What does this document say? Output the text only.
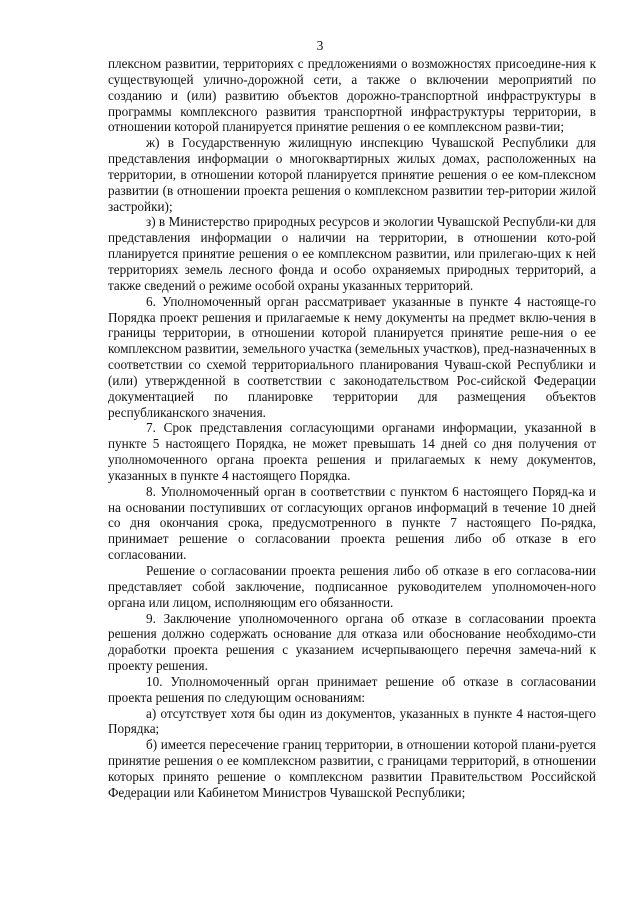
3

плексном развитии, территориях с предложениями о возможностях присоедине-ния к существующей улично-дорожной сети, а также о включении мероприятий по созданию и (или) развитию объектов дорожно-транспортной инфраструктуры в программы комплексного развития транспортной инфраструктуры территории, в отношении которой планируется принятие решения о ее комплексном разви-тии;

ж) в Государственную жилищную инспекцию Чувашской Республики для представления информации о многоквартирных жилых домах, расположенных на территории, в отношении которой планируется принятие решения о ее ком-плексном развитии (в отношении проекта решения о комплексном развитии тер-ритории жилой застройки);

з) в Министерство природных ресурсов и экологии Чувашской Республи-ки для представления информации о наличии на территории, в отношении кото-рой планируется принятие решения о ее комплексном развитии, или прилегаю-щих к ней территориях земель лесного фонда и особо охраняемых природных территорий, а также сведений о режиме особой охраны указанных территорий.

6. Уполномоченный орган рассматривает указанные в пункте 4 настояще-го Порядка проект решения и прилагаемые к нему документы на предмет вклю-чения в границы территории, в отношении которой планируется принятие реше-ния о ее комплексном развитии, земельного участка (земельных участков), пред-назначенных в соответствии со схемой территориального планирования Чуваш-ской Республики и (или) утвержденной в соответствии с законодательством Рос-сийской Федерации документацией по планировке территории для размещения объектов республиканского значения.

7. Срок представления согласующими органами информации, указанной в пункте 5 настоящего Порядка, не может превышать 14 дней со дня получения от уполномоченного органа проекта решения и прилагаемых к нему документов, указанных в пункте 4 настоящего Порядка.

8. Уполномоченный орган в соответствии с пунктом 6 настоящего Поряд-ка и на основании поступивших от согласующих органов информаций в течение 10 дней со дня окончания срока, предусмотренного в пункте 7 настоящего По-рядка, принимает решение о согласовании проекта решения либо об отказе в его согласовании.

Решение о согласовании проекта решения либо об отказе в его согласова-нии представляет собой заключение, подписанное руководителем уполномочен-ного органа или лицом, исполняющим его обязанности.

9. Заключение уполномоченного органа об отказе в согласовании проекта решения должно содержать основание для отказа или обоснование необходимо-сти доработки проекта решения с указанием исчерпывающего перечня замеча-ний к проекту решения.

10. Уполномоченный орган принимает решение об отказе в согласовании проекта решения по следующим основаниям:

а) отсутствует хотя бы один из документов, указанных в пункте 4 настоя-щего Порядка;

б) имеется пересечение границ территории, в отношении которой плани-руется принятие решения о ее комплексном развитии, с границами территорий, в отношении которых принято решение о комплексном развитии Правительством Российской Федерации или Кабинетом Министров Чувашской Республики;
